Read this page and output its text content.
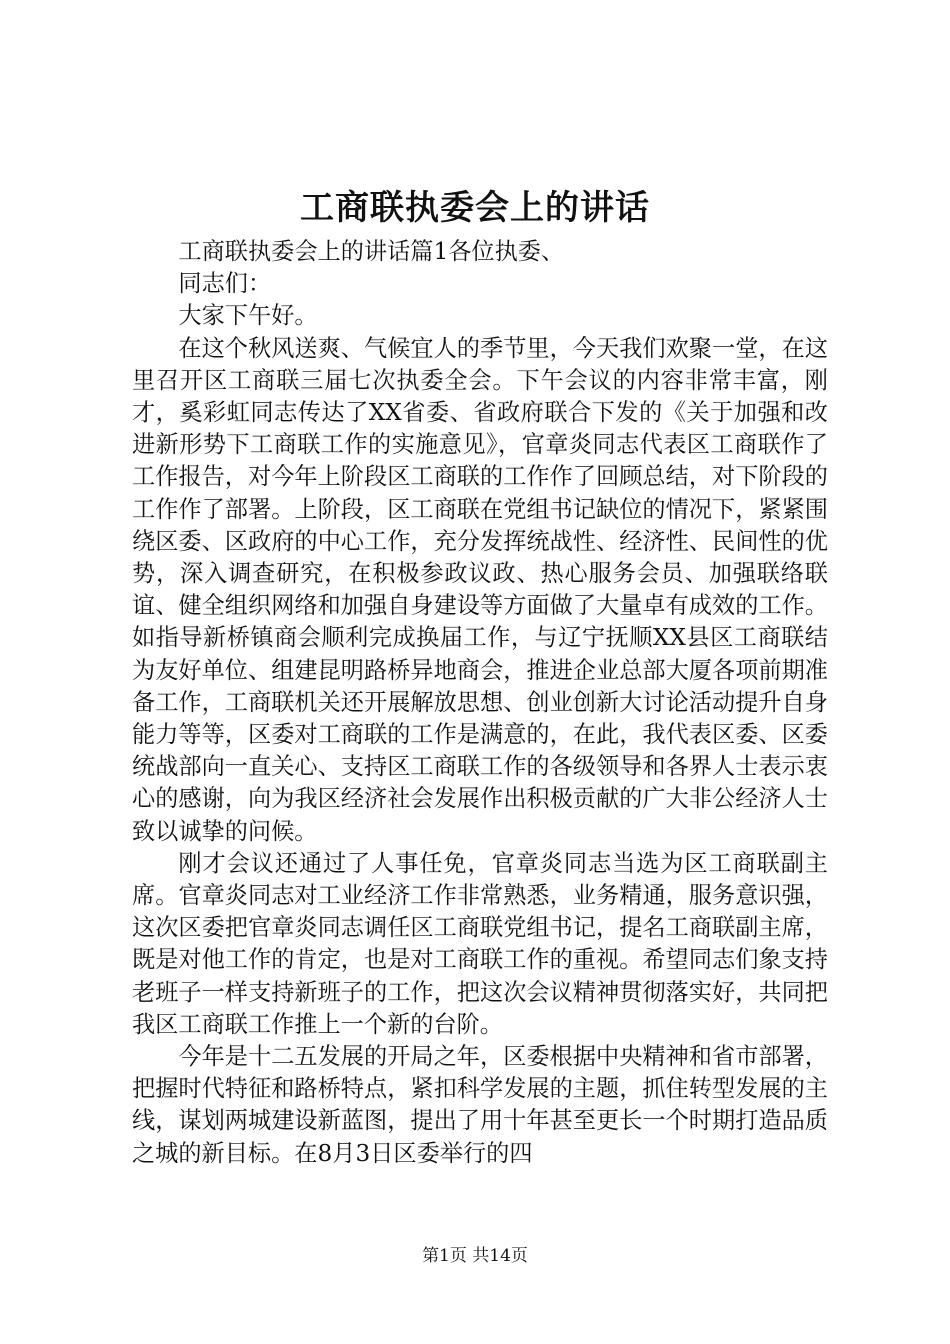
工商联执委会上的讲话

工商联执委会上的讲话篇1各位执委、

同志们：

大家下午好。

在这个秋风送爽、气候宜人的季节里，今天我们欢聚一堂，在这里召开区工商联三届七次执委全会。下午会议的内容非常丰富，刚才，奚彩虹同志传达了XX省委、省政府联合下发的《关于加强和改进新形势下工商联工作的实施意见》，官章炎同志代表区工商联作了工作报告，对今年上阶段区工商联的工作作了回顾总结，对下阶段的工作作了部署。上阶段，区工商联在党组书记缺位的情况下，紧紧围绕区委、区政府的中心工作，充分发挥统战性、经济性、民间性的优势，深入调查研究，在积极参政议政、热心服务会员、加强联络联谊、健全组织网络和加强自身建设等方面做了大量卓有成效的工作。如指导新桥镇商会顺利完成换届工作，与辽宁抚顺XX县区工商联结为友好单位、组建昆明路桥异地商会，推进企业总部大厦各项前期准备工作，工商联机关还开展解放思想、创业创新大讨论活动提升自身能力等等，区委对工商联的工作是满意的，在此，我代表区委、区委统战部向一直关心、支持区工商联工作的各级领导和各界人士表示衷心的感谢，向为我区经济社会发展作出积极贡献的广大非公经济人士致以诚挚的问候。

刚才会议还通过了人事任免，官章炎同志当选为区工商联副主席。官章炎同志对工业经济工作非常熟悉，业务精通，服务意识强，这次区委把官章炎同志调任区工商联党组书记，提名工商联副主席，既是对他工作的肯定，也是对工商联工作的重视。希望同志们象支持老班子一样支持新班子的工作，把这次会议精神贯彻落实好，共同把我区工商联工作推上一个新的台阶。

今年是十二五发展的开局之年，区委根据中央精神和省市部署，把握时代特征和路桥特点，紧扣科学发展的主题，抓住转型发展的主线，谋划两城建设新蓝图，提出了用十年甚至更长一个时期打造品质之城的新目标。在8月3日区委举行的四

第1页 共14页
